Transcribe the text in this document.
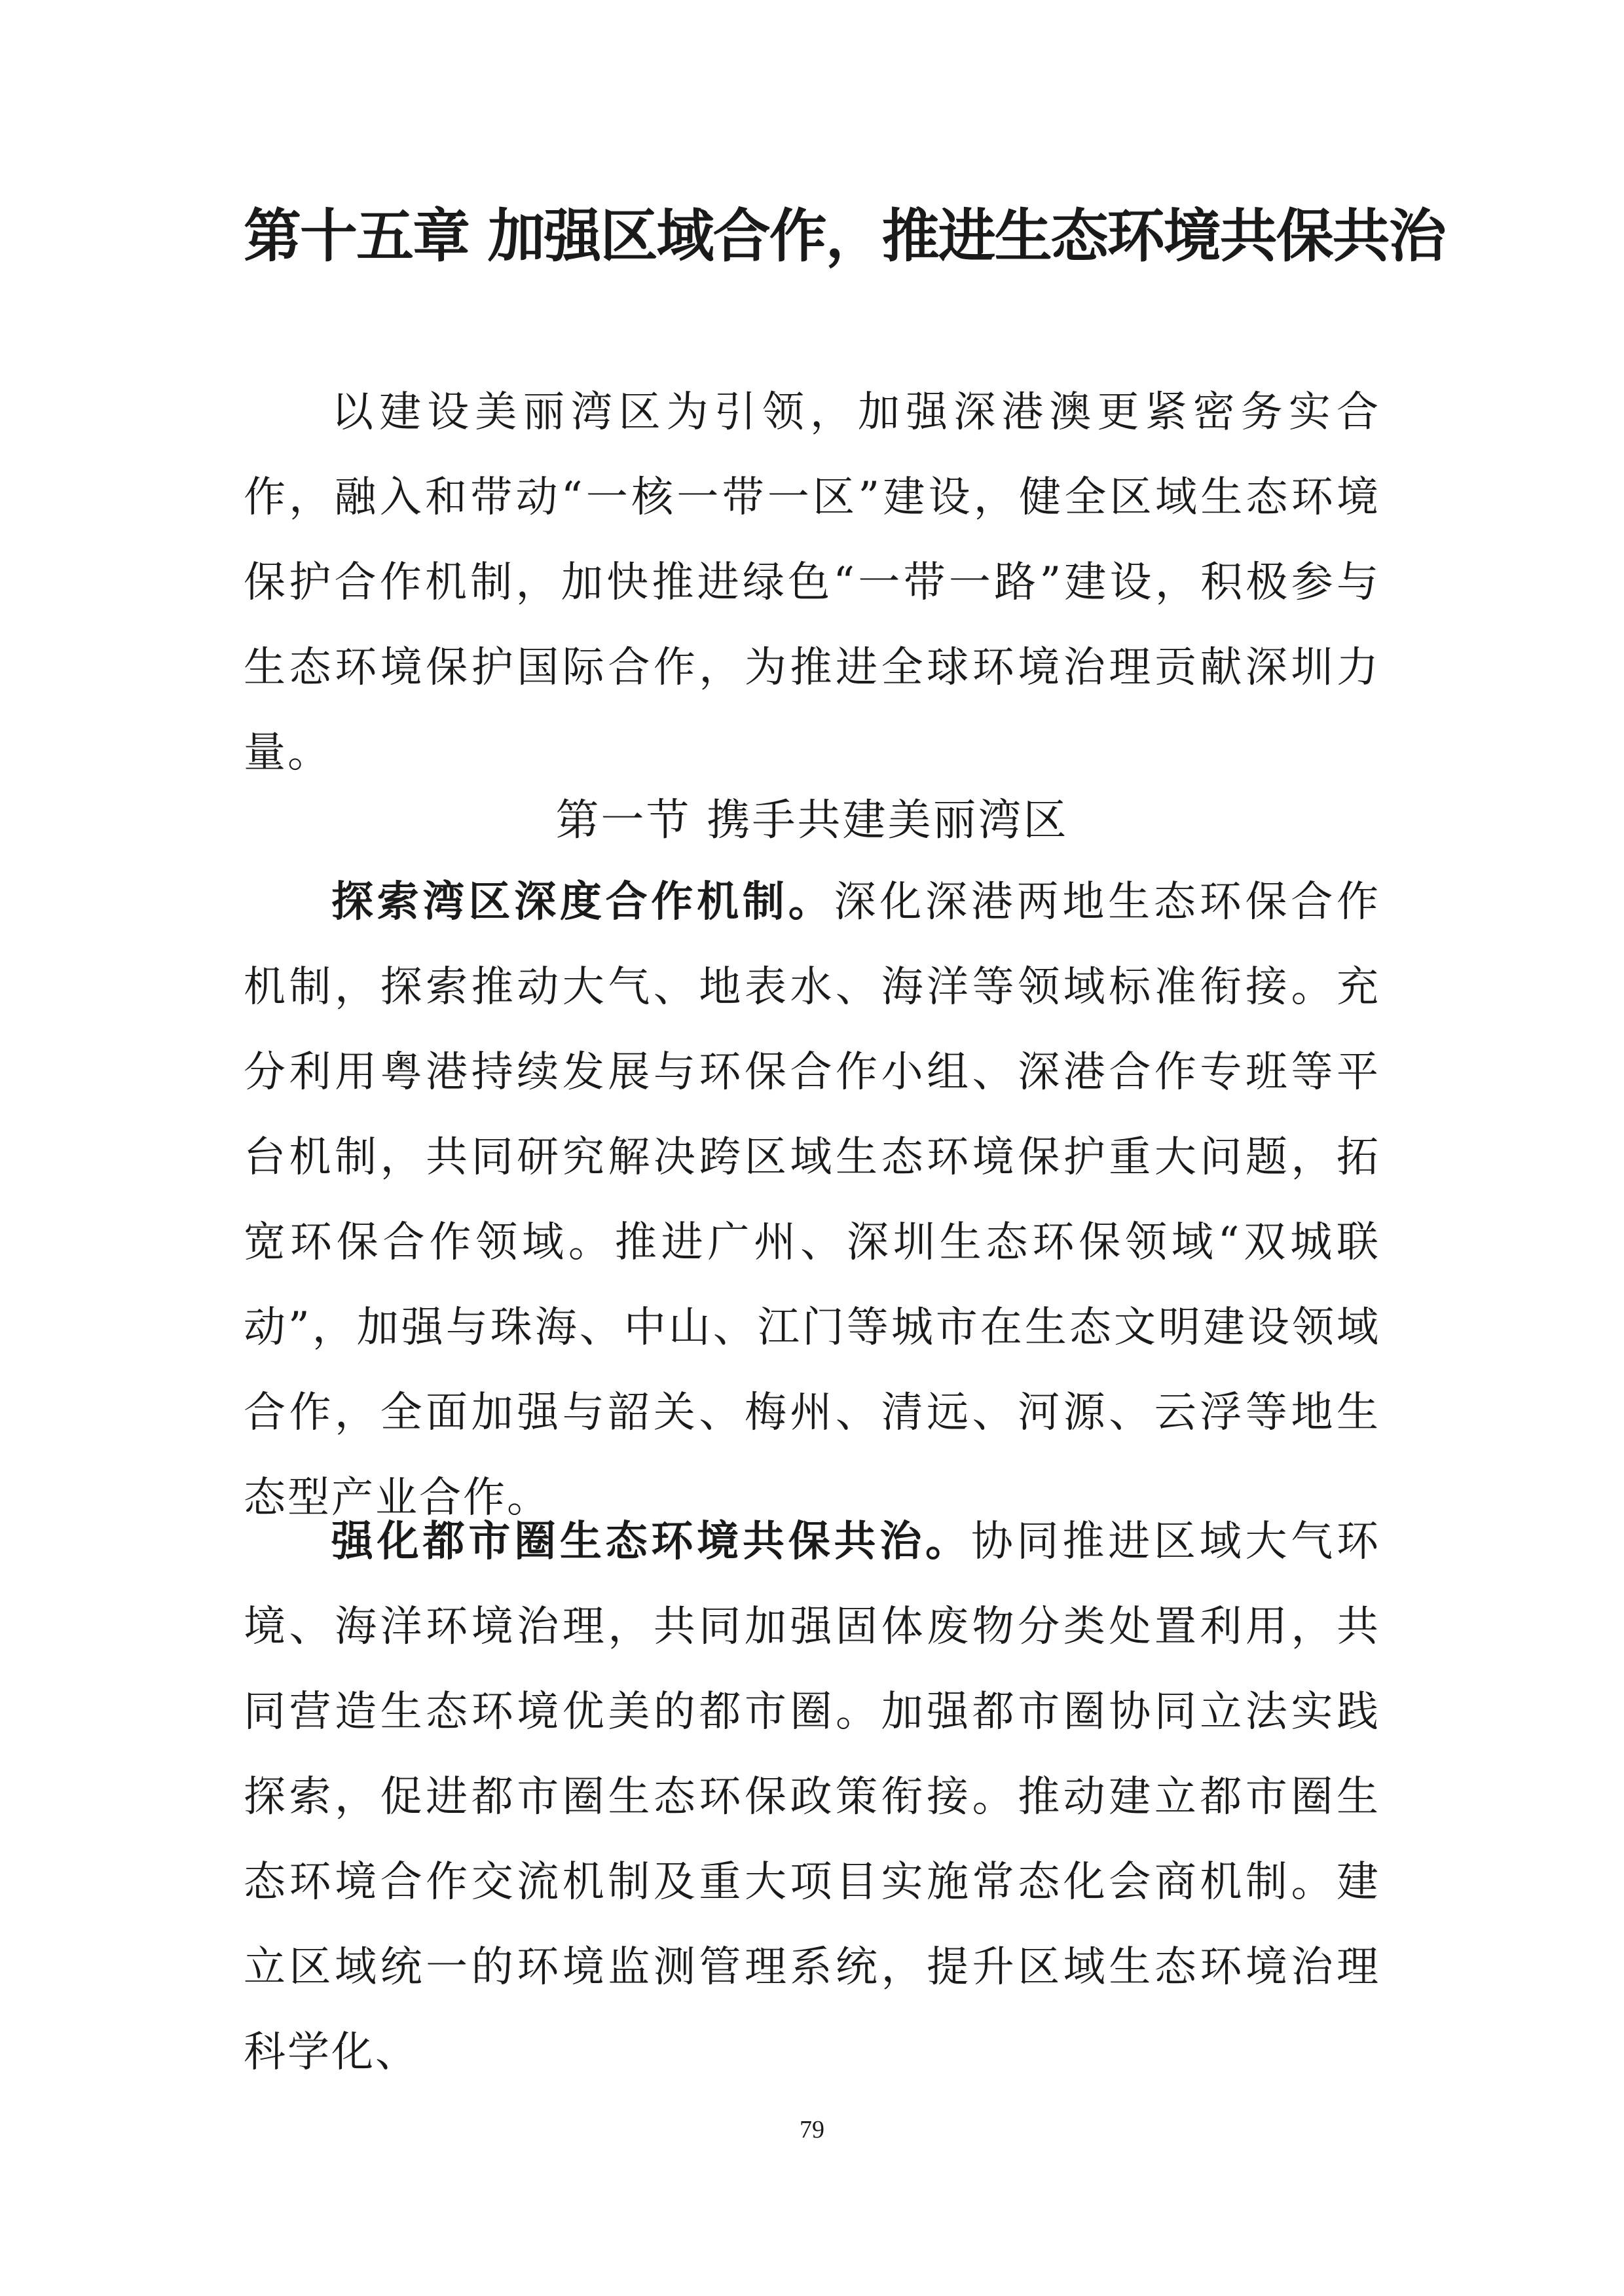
第十五章 加强区域合作，推进生态环境共保共治

以建设美丽湾区为引领，加强深港澳更紧密务实合作，融入和带动“一核一带一区”建设，健全区域生态环境保护合作机制，加快推进绿色“一带一路”建设，积极参与生态环境保护国际合作，为推进全球环境治理贡献深圳力量。

第一节 携手共建美丽湾区

探索湾区深度合作机制。深化深港两地生态环保合作机制，探索推动大气、地表水、海洋等领域标准衔接。充分利用粤港持续发展与环保合作小组、深港合作专班等平台机制，共同研究解决跨区域生态环境保护重大问题，拓宽环保合作领域。推进广州、深圳生态环保领域“双城联动”，加强与珠海、中山、江门等城市在生态文明建设领域合作，全面加强与韶关、梅州、清远、河源、云浮等地生态型产业合作。

强化都市圈生态环境共保共治。协同推进区域大气环境、海洋环境治理，共同加强固体废物分类处置利用，共同营造生态环境优美的都市圈。加强都市圈协同立法实践探索，促进都市圈生态环保政策衔接。推动建立都市圈生态环境合作交流机制及重大项目实施常态化会商机制。建立区域统一的环境监测管理系统，提升区域生态环境治理科学化、

79
